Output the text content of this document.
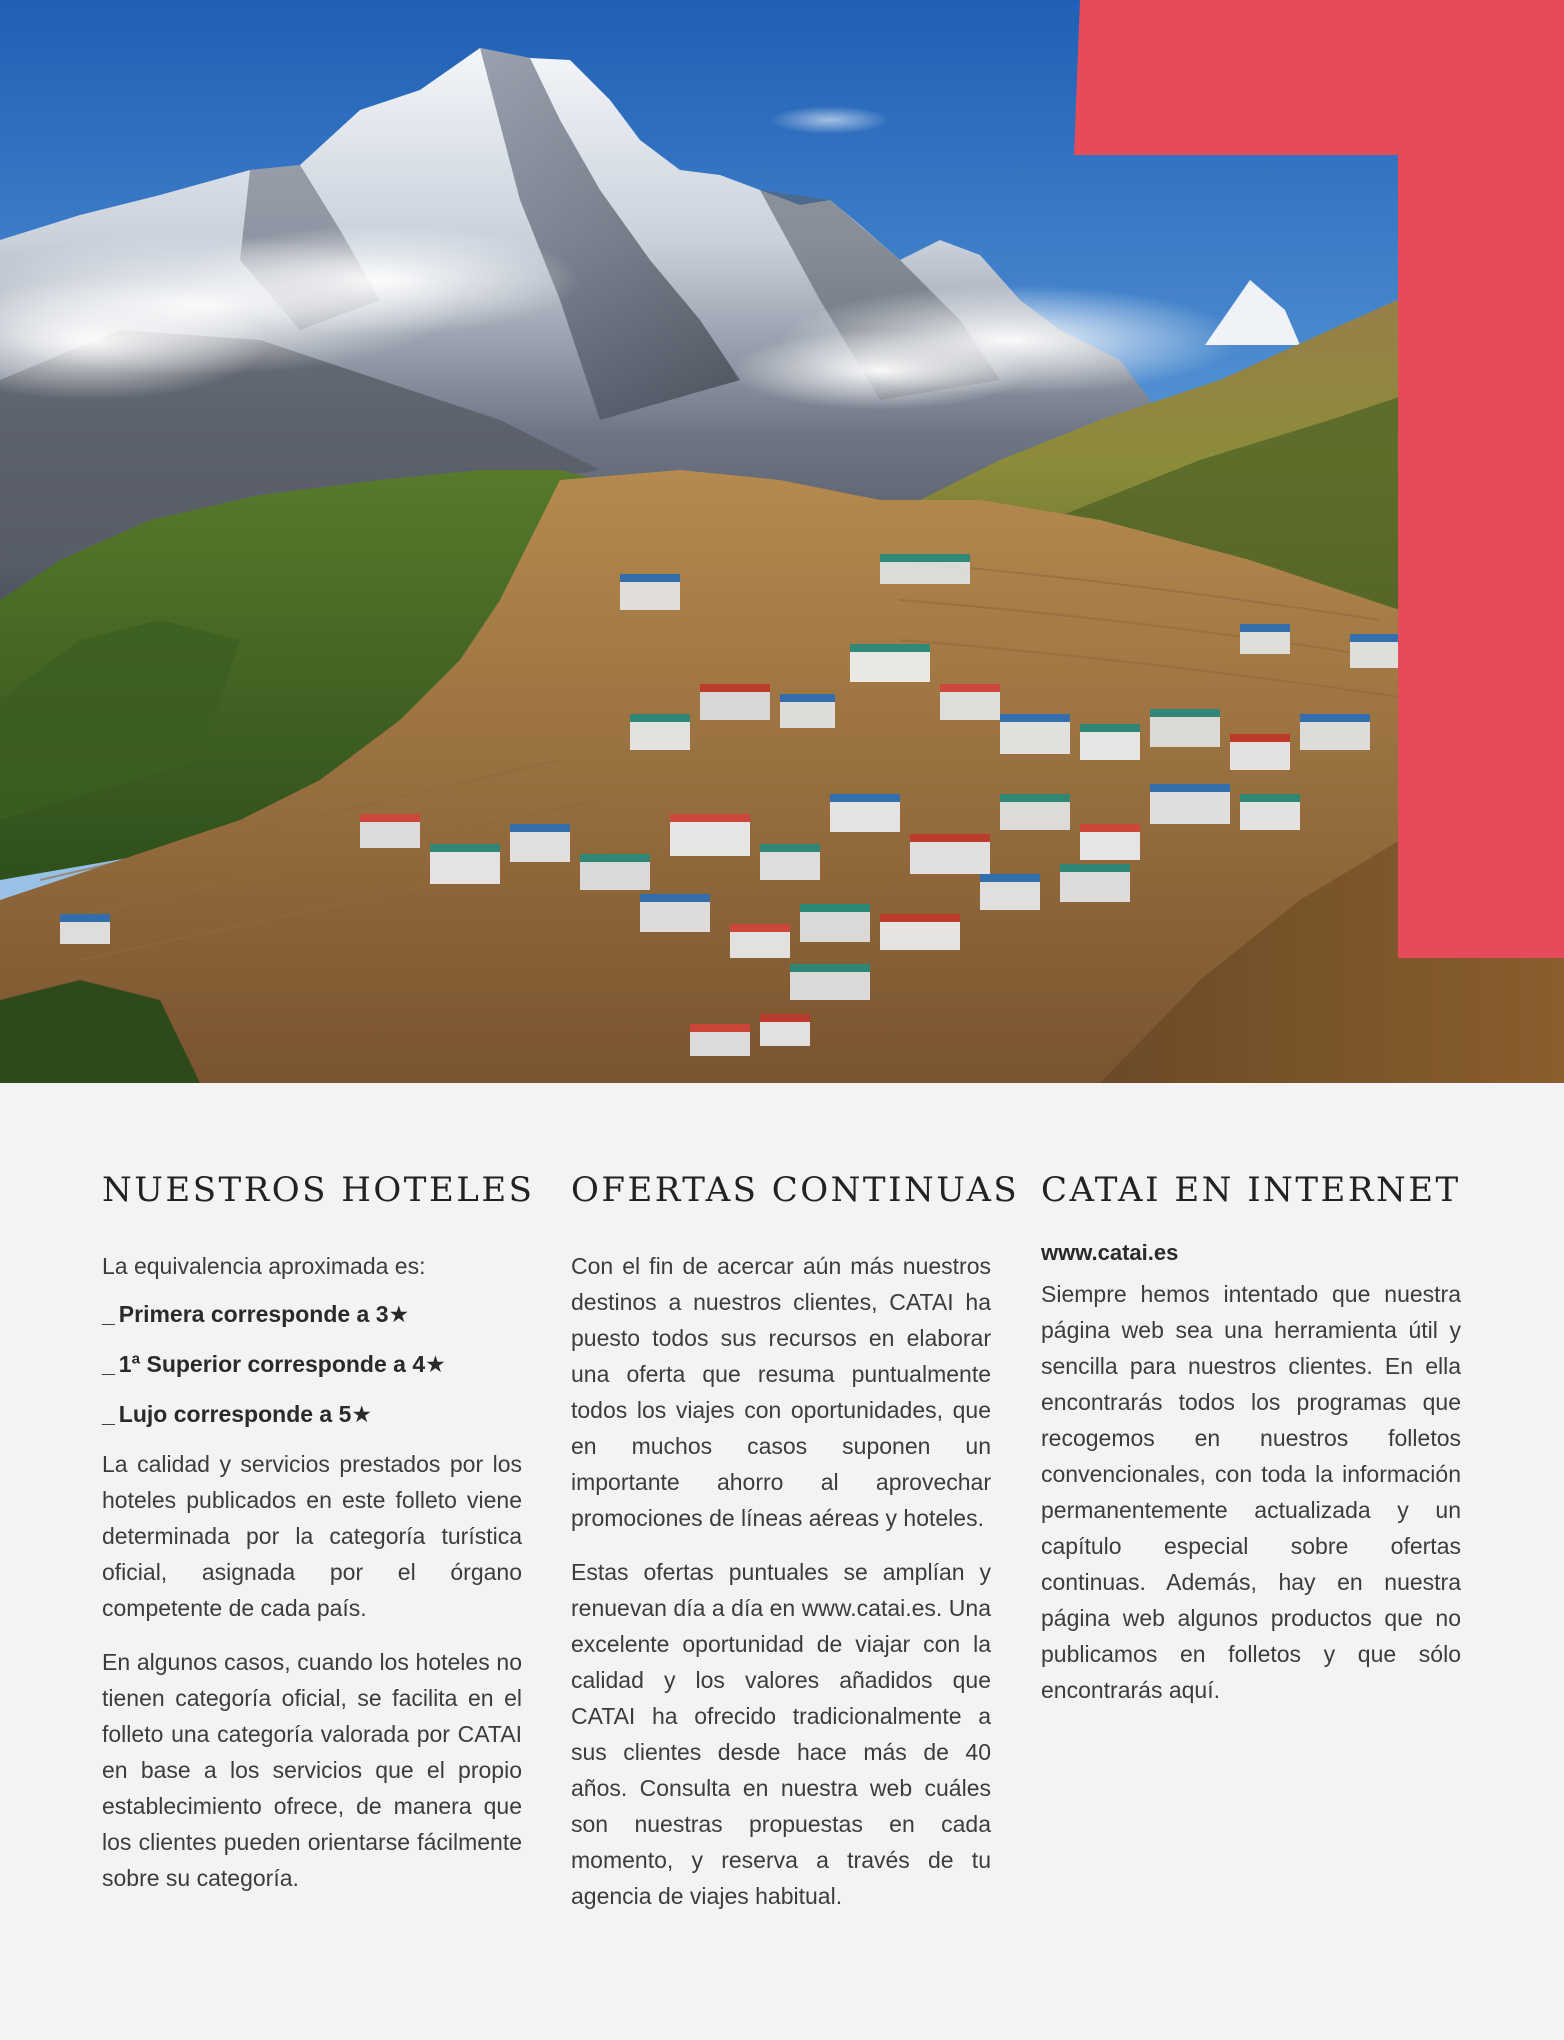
NUESTROS HOTELES

La equivalencia aproximada es:

_ Primera corresponde a 3★
_ 1ª Superior corresponde a 4★
_ Lujo corresponde a 5★

La calidad y servicios prestados por los hoteles publicados en este folleto viene determinada por la categoría turística oficial, asignada por el órgano competente de cada país.

En algunos casos, cuando los hoteles no tienen categoría oficial, se facilita en el folleto una categoría valorada por CATAI en base a los servicios que el propio establecimiento ofrece, de manera que los clientes pueden orientarse fácilmente sobre su categoría.

OFERTAS CONTINUAS

Con el fin de acercar aún más nuestros destinos a nuestros clientes, CATAI ha puesto todos sus recursos en elaborar una oferta que resuma puntualmente todos los viajes con oportunidades, que en muchos casos suponen un importante ahorro al aprovechar promociones de líneas aéreas y hoteles.

Estas ofertas puntuales se amplían y renuevan día a día en www.catai.es. Una excelente oportunidad de viajar con la calidad y los valores añadidos que CATAI ha ofrecido tradicionalmente a sus clientes desde hace más de 40 años. Consulta en nuestra web cuáles son nuestras propuestas en cada momento, y reserva a través de tu agencia de viajes habitual.

CATAI EN INTERNET
www.catai.es

Siempre hemos intentado que nuestra página web sea una herramienta útil y sencilla para nuestros clientes. En ella encontrarás todos los programas que recogemos en nuestros folletos convencionales, con toda la información permanentemente actualizada y un capítulo especial sobre ofertas continuas. Además, hay en nuestra página web algunos productos que no publicamos en folletos y que sólo encontrarás aquí.
